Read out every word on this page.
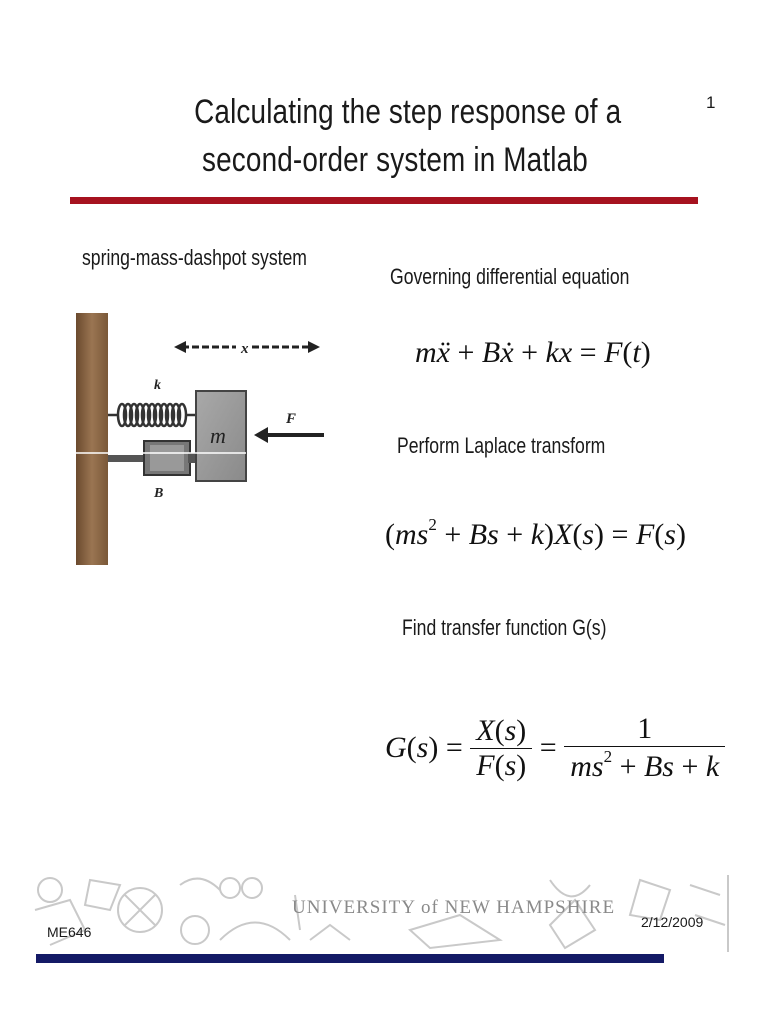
Calculating the step response of a
second-order system in Matlab
1
spring-mass-dashpot system
x
k
B
m
F
Governing differential equation
mẍ + Bẋ + kx = F(t)
Perform Laplace transform
$(ms^2 + Bs + k)X(s) = F(s)$
Find transfer function G(s)
$G(s) = \frac{X(s)}{F(s)} = \frac{1}{ms^2 + Bs + k}$
UNIVERSITY of NEW HAMPSHIRE
ME646
2/12/2009
